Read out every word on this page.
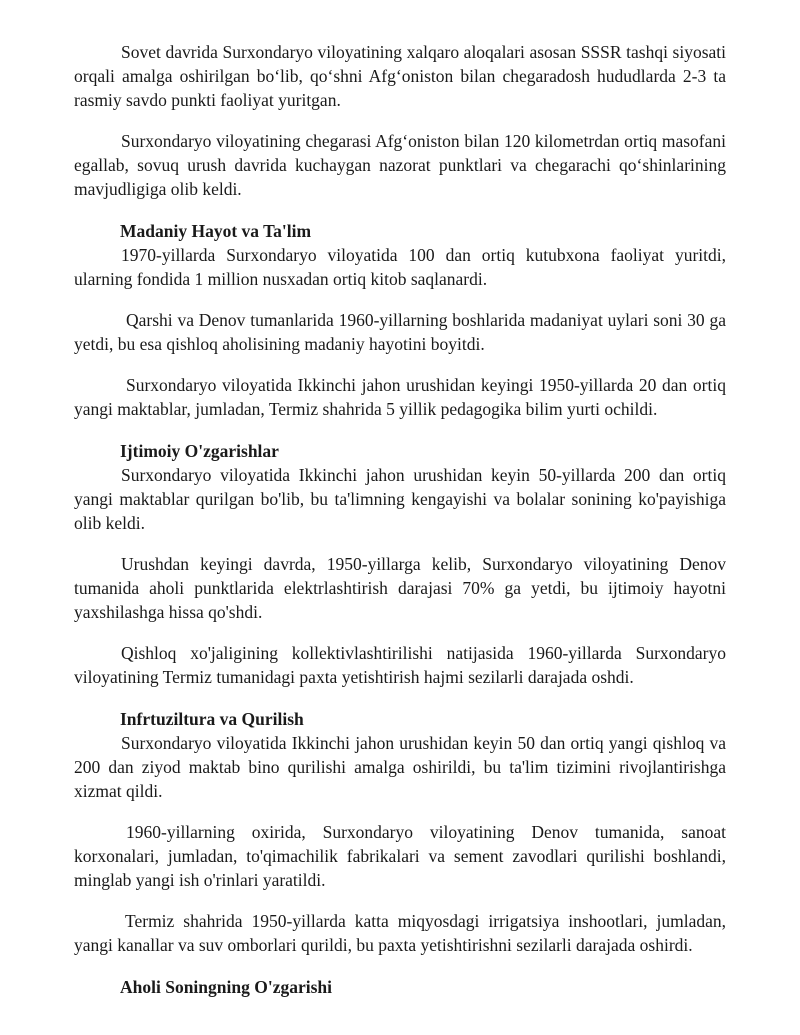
Sovet davrida Surxondaryo viloyatining xalqaro aloqalari asosan SSSR tashqi siyosati orqali amalga oshirilgan bo‘lib, qo‘shni Afg‘oniston bilan chegaradosh hududlarda 2-3 ta rasmiy savdo punkti faoliyat yuritgan.

Surxondaryo viloyatining chegarasi Afg‘oniston bilan 120 kilometrdan ortiq masofani egallab, sovuq urush davrida kuchaygan nazorat punktlari va chegarachi qo‘shinlarining mavjudligiga olib keldi.

Madaniy Hayot va Ta'lim

1970-yillarda Surxondaryo viloyatida 100 dan ortiq kutubxona faoliyat yuritdi, ularning fondida 1 million nusxadan ortiq kitob saqlanardi.

Qarshi va Denov tumanlarida 1960-yillarning boshlarida madaniyat uylari soni 30 ga yetdi, bu esa qishloq aholisining madaniy hayotini boyitdi.

Surxondaryo viloyatida Ikkinchi jahon urushidan keyingi 1950-yillarda 20 dan ortiq yangi maktablar, jumladan, Termiz shahrida 5 yillik pedagogika bilim yurti ochildi.

Ijtimoiy O'zgarishlar

Surxondaryo viloyatida Ikkinchi jahon urushidan keyin 50-yillarda 200 dan ortiq yangi maktablar qurilgan bo'lib, bu ta'limning kengayishi va bolalar sonining ko'payishiga olib keldi.

Urushdan keyingi davrda, 1950-yillarga kelib, Surxondaryo viloyatining Denov tumanida aholi punktlarida elektrlashtirish darajasi 70% ga yetdi, bu ijtimoiy hayotni yaxshilashga hissa qo'shdi.

Qishloq xo'jaligining kollektivlashtirilishi natijasida 1960-yillarda Surxondaryo viloyatining Termiz tumanidagi paxta yetishtirish hajmi sezilarli darajada oshdi.

Infrtuziltura va Qurilish

Surxondaryo viloyatida Ikkinchi jahon urushidan keyin 50 dan ortiq yangi qishloq va 200 dan ziyod maktab bino qurilishi amalga oshirildi, bu ta'lim tizimini rivojlantirishga xizmat qildi.

1960-yillarning oxirida, Surxondaryo viloyatining Denov tumanida, sanoat korxonalari, jumladan, to'qimachilik fabrikalari va sement zavodlari qurilishi boshlandi, minglab yangi ish o'rinlari yaratildi.

Termiz shahrida 1950-yillarda katta miqyosdagi irrigatsiya inshootlari, jumladan, yangi kanallar va suv omborlari qurildi, bu paxta yetishtirishni sezilarli darajada oshirdi.

Aholi Soningning O'zgarishi
